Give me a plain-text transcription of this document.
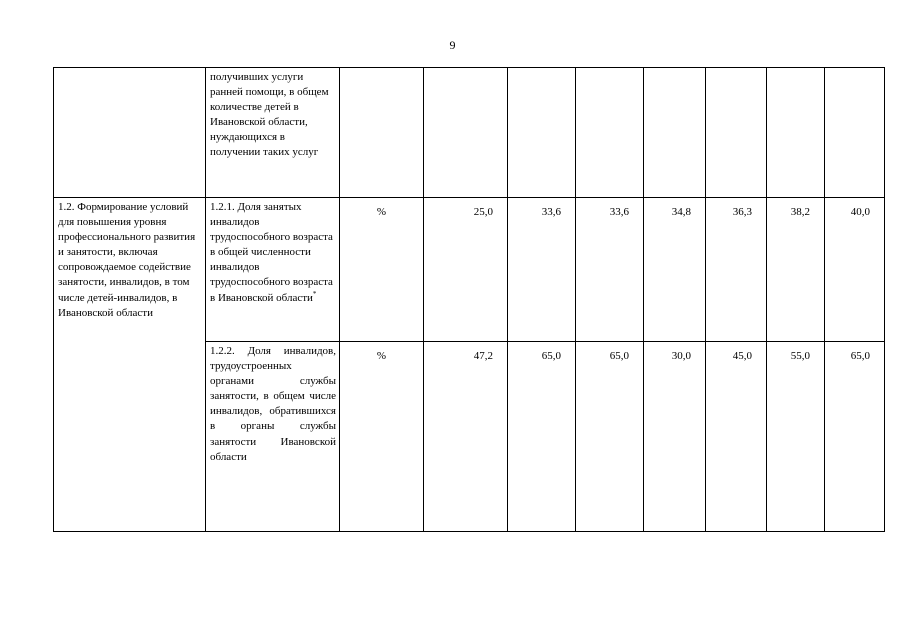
9
	получивших услуги ранней помощи, в общем количестве детей в Ивановской области, нуждающихся в получении таких услуг								
1.2. Формирование условий для повышения уровня профессионального развития и занятости, включая сопровождаемое содействие занятости, инвалидов, в том числе детей-инвалидов, в Ивановской области	1.2.1. Доля занятых инвалидов трудоспособного возраста в общей численности инвалидов трудоспособного возраста в Ивановской области*	%	25,0	33,6	33,6	34,8	36,3	38,2	40,0
	1.2.2. Доля инвалидов, трудоустроенных органами службы занятости, в общем числе инвалидов, обратившихся в органы службы занятости Ивановской области	%	47,2	65,0	65,0	30,0	45,0	55,0	65,0
